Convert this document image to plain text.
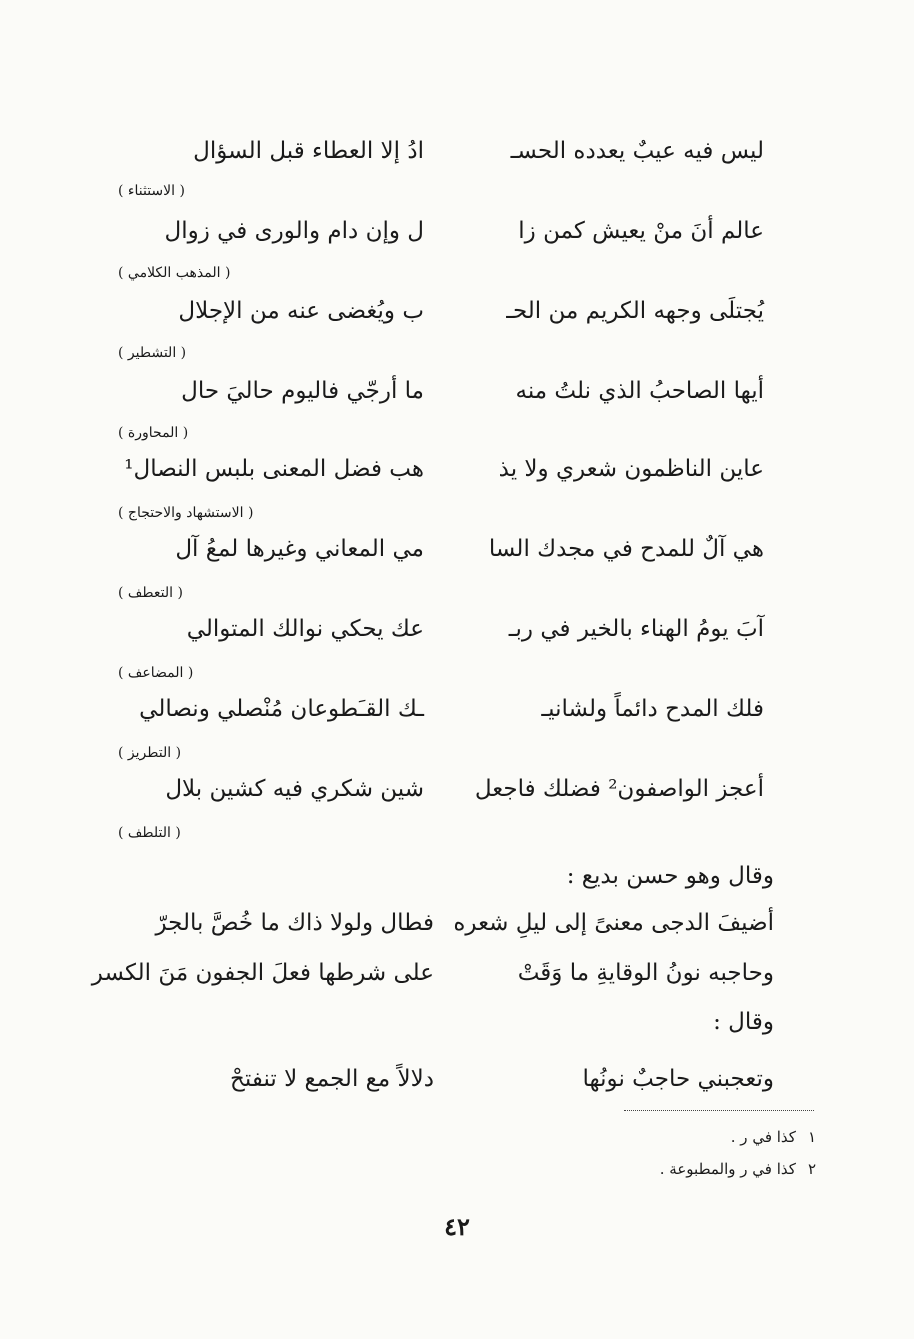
ليس فيه عيبٌ يعدده الحسـ
ادُ إلا العطاء قبل السؤال
( الاستثناء )
عالم أنَ منْ يعيش كمن زا
ل وإن دام والورى في زوال
( المذهب الكلامي )
يُجتلَى وجهه الكريم من الحـ
ب ويُغضى عنه من الإجلال
( التشطير )
أيها الصاحبُ الذي نلتُ منه
ما أرجّي فاليوم حاليَ حال
( المحاورة )
عاين الناظمون شعري ولا يذ
هب فضل المعنى بلبس النصال¹
( الاستشهاد والاحتجاج )
هي آلٌ للمدح في مجدك السا
مي المعاني وغيرها لمعُ آل
( التعطف )
آبَ يومُ الهناء بالخير في ربـ
عك يحكي نوالك المتوالي
( المضاعف )
فلك المدح دائماً ولشانيـ
ـك القـَطوعان مُنْصلي ونصالي
( التطريز )
أعجز الواصفون² فضلك فاجعل
شين شكري فيه كشين بلال
( التلطف )
وقال وهو حسن بديع :
أضيفَ الدجى معنىً إلى ليلِ شعره
فطال ولولا ذاك ما خُصَّ بالجرّ
وحاجبه نونُ الوقايةِ ما وَقَتْ
على شرطها فعلَ الجفون مَنَ الكسر
وقال :
وتعجبني حاجبٌ نونُها
دلالاً مع الجمع لا تنفتحْ
١كذا في ر .
٢كذا في ر والمطبوعة .
٤٢
